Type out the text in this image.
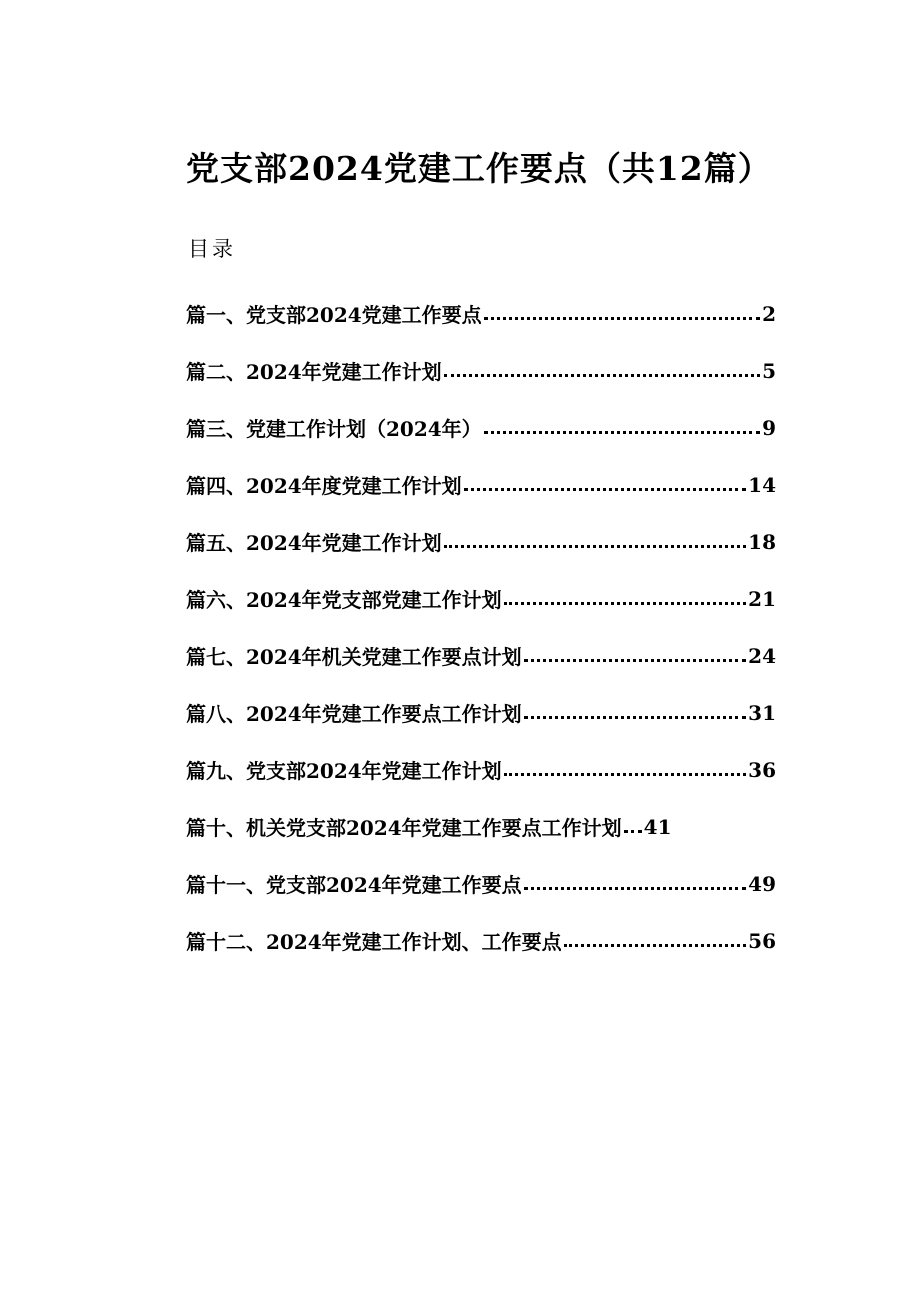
党支部2024党建工作要点（共12篇）
目录
篇一、党支部2024党建工作要点	2
篇二、2024年党建工作计划	5
篇三、党建工作计划（2024年）	9
篇四、2024年度党建工作计划	14
篇五、2024年党建工作计划	18
篇六、2024年党支部党建工作计划	21
篇七、2024年机关党建工作要点计划	24
篇八、2024年党建工作要点工作计划	31
篇九、党支部2024年党建工作计划	36
篇十、机关党支部2024年党建工作要点工作计划 41
篇十一、党支部2024年党建工作要点	49
篇十二、2024年党建工作计划、工作要点	56
